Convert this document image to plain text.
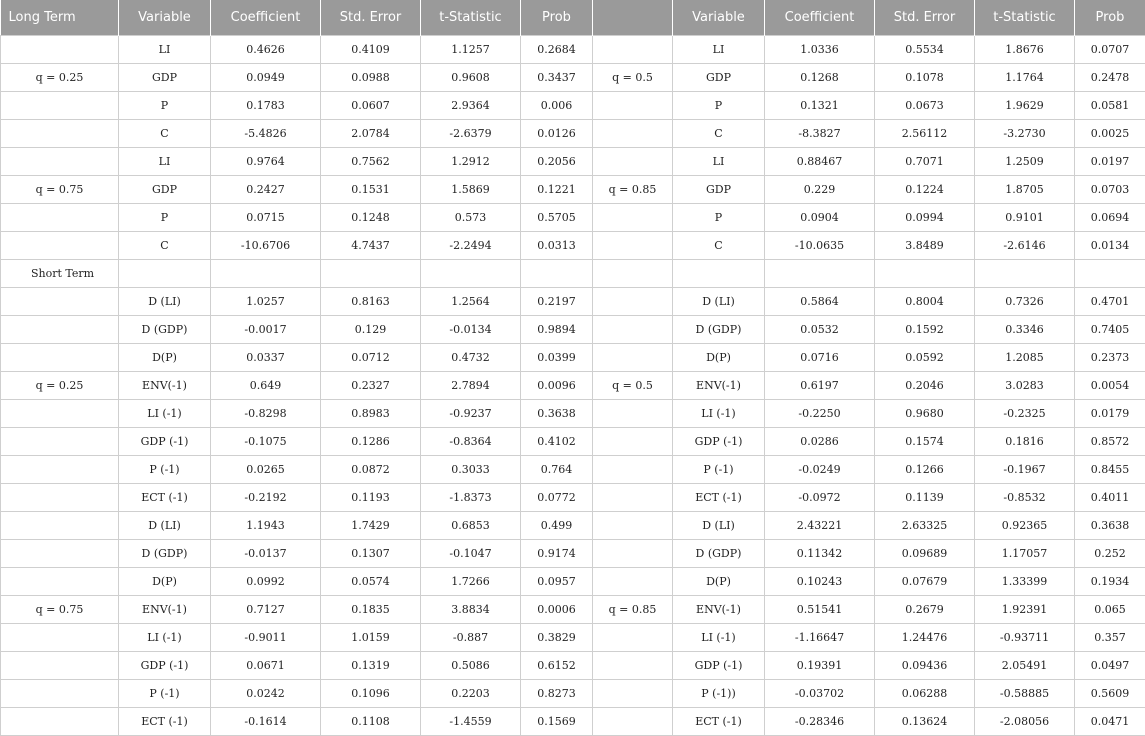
Long Term	Variable	Coefficient	Std. Error	t-Statistic	Prob		Variable	Coefficient	Std. Error	t-Statistic	Prob
	LI	0.4626	0.4109	1.1257	0.2684		LI	1.0336	0.5534	1.8676	0.0707
q = 0.25	GDP	0.0949	0.0988	0.9608	0.3437	q = 0.5	GDP	0.1268	0.1078	1.1764	0.2478
	P	0.1783	0.0607	2.9364	0.006		P	0.1321	0.0673	1.9629	0.0581
	C	-5.4826	2.0784	-2.6379	0.0126		C	-8.3827	2.56112	-3.2730	0.0025
	LI	0.9764	0.7562	1.2912	0.2056		LI	0.88467	0.7071	1.2509	0.0197
q = 0.75	GDP	0.2427	0.1531	1.5869	0.1221	q = 0.85	GDP	0.229	0.1224	1.8705	0.0703
	P	0.0715	0.1248	0.573	0.5705		P	0.0904	0.0994	0.9101	0.0694
	C	-10.6706	4.7437	-2.2494	0.0313		C	-10.0635	3.8489	-2.6146	0.0134
Short Term											
	D (LI)	1.0257	0.8163	1.2564	0.2197		D (LI)	0.5864	0.8004	0.7326	0.4701
	D (GDP)	-0.0017	0.129	-0.0134	0.9894		D (GDP)	0.0532	0.1592	0.3346	0.7405
	D(P)	0.0337	0.0712	0.4732	0.0399		D(P)	0.0716	0.0592	1.2085	0.2373
q = 0.25	ENV(-1)	0.649	0.2327	2.7894	0.0096	q = 0.5	ENV(-1)	0.6197	0.2046	3.0283	0.0054
	LI (-1)	-0.8298	0.8983	-0.9237	0.3638		LI (-1)	-0.2250	0.9680	-0.2325	0.0179
	GDP (-1)	-0.1075	0.1286	-0.8364	0.4102		GDP (-1)	0.0286	0.1574	0.1816	0.8572
	P (-1)	0.0265	0.0872	0.3033	0.764		P (-1)	-0.0249	0.1266	-0.1967	0.8455
	ECT (-1)	-0.2192	0.1193	-1.8373	0.0772		ECT (-1)	-0.0972	0.1139	-0.8532	0.4011
	D (LI)	1.1943	1.7429	0.6853	0.499		D (LI)	2.43221	2.63325	0.92365	0.3638
	D (GDP)	-0.0137	0.1307	-0.1047	0.9174		D (GDP)	0.11342	0.09689	1.17057	0.252
	D(P)	0.0992	0.0574	1.7266	0.0957		D(P)	0.10243	0.07679	1.33399	0.1934
q = 0.75	ENV(-1)	0.7127	0.1835	3.8834	0.0006	q = 0.85	ENV(-1)	0.51541	0.2679	1.92391	0.065
	LI (-1)	-0.9011	1.0159	-0.887	0.3829		LI (-1)	-1.16647	1.24476	-0.93711	0.357
	GDP (-1)	0.0671	0.1319	0.5086	0.6152		GDP (-1)	0.19391	0.09436	2.05491	0.0497
	P (-1)	0.0242	0.1096	0.2203	0.8273		P (-1))	-0.03702	0.06288	-0.58885	0.5609
	ECT (-1)	-0.1614	0.1108	-1.4559	0.1569		ECT (-1)	-0.28346	0.13624	-2.08056	0.0471
